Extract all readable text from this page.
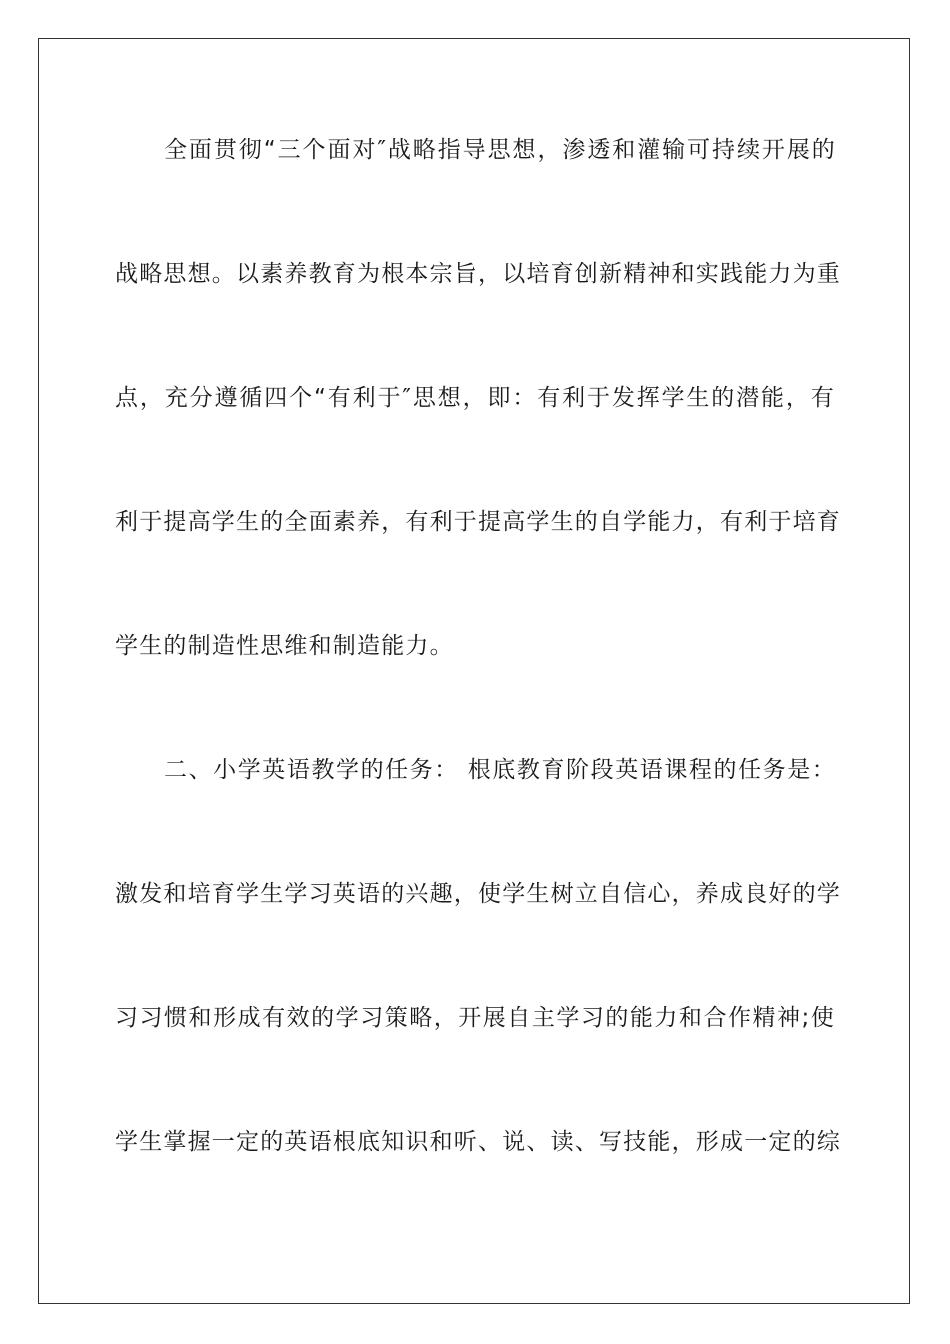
全面贯彻“三个面对″战略指导思想，渗透和灌输可持续开展的
战略思想。以素养教育为根本宗旨，以培育创新精神和实践能力为重
点，充分遵循四个“有利于″思想，即：有利于发挥学生的潜能，有
利于提高学生的全面素养，有利于提高学生的自学能力，有利于培育
学生的制造性思维和制造能力。
二、小学英语教学的任务： 根底教育阶段英语课程的任务是：
激发和培育学生学习英语的兴趣，使学生树立自信心，养成良好的学
习习惯和形成有效的学习策略，开展自主学习的能力和合作精神;使
学生掌握一定的英语根底知识和听、说、读、写技能，形成一定的综
